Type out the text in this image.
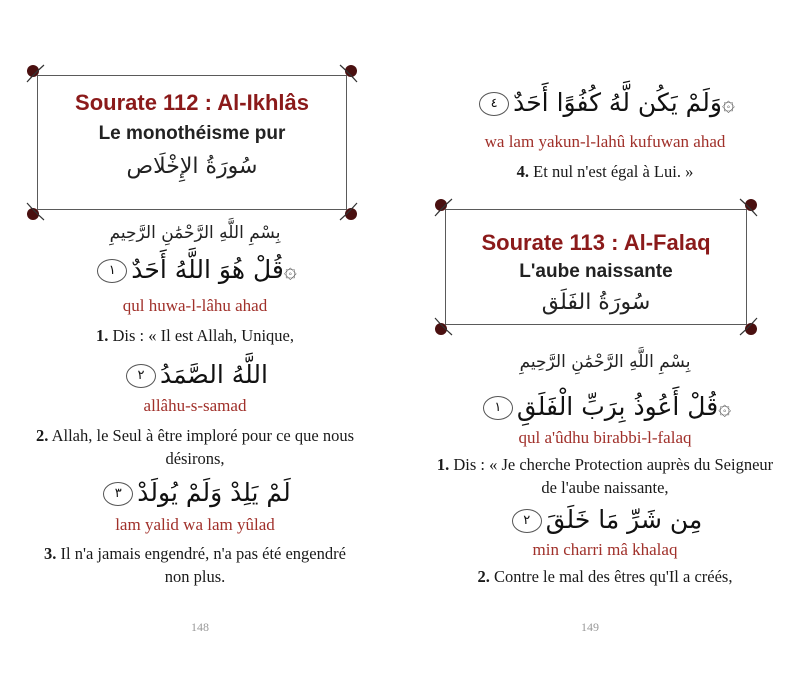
Sourate 112 : Al-Ikhlâs
Le monothéisme pur
سُورَةُ الإِخْلَاص
بِسْمِ اللَّهِ الرَّحْمَٰنِ الرَّحِيمِ
۞قُلْ هُوَ اللَّهُ أَحَدٌ١
qul huwa-l-lâhu ahad
1. Dis : « Il est Allah, Unique,
اللَّهُ الصَّمَدُ٢
allâhu-s-samad
2. Allah, le Seul à être imploré pour ce que nous désirons,
لَمْ يَلِدْ وَلَمْ يُولَدْ٣
lam yalid wa lam yûlad
3. Il n'a jamais engendré, n'a pas été engendré non plus.
148
۞وَلَمْ يَكُن لَّهُ كُفُوًا أَحَدٌ٤
wa lam yakun-l-lahû kufuwan ahad
4. Et nul n'est égal à Lui. »
Sourate 113 : Al-Falaq
L'aube naissante
سُورَةُ الفَلَق
بِسْمِ اللَّهِ الرَّحْمَٰنِ الرَّحِيمِ
۞قُلْ أَعُوذُ بِرَبِّ الْفَلَقِ١
qul a'ûdhu birabbi-l-falaq
1. Dis : « Je cherche Protection auprès du Seigneur de l'aube naissante,
مِن شَرِّ مَا خَلَقَ٢
min charri mâ khalaq
2. Contre le mal des êtres qu'Il a créés,
149
